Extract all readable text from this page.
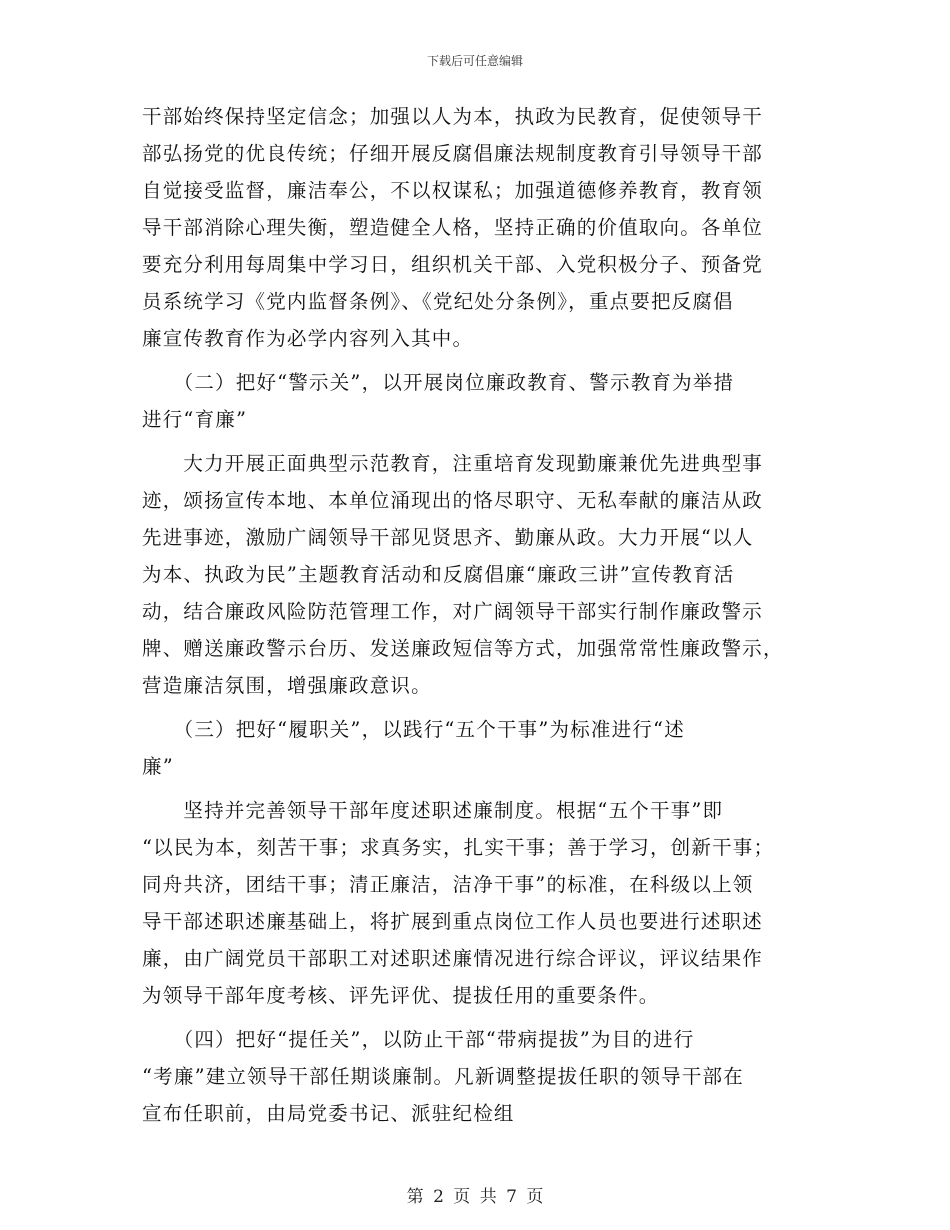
下载后可任意编辑
干部始终保持坚定信念；加强以人为本，执政为民教育，促使领导干
部弘扬党的优良传统；仔细开展反腐倡廉法规制度教育引导领导干部
自觉接受监督，廉洁奉公，不以权谋私；加强道德修养教育，教育领
导干部消除心理失衡，塑造健全人格，坚持正确的价值取向。各单位
要充分利用每周集中学习日，组织机关干部、入党积极分子、预备党
员系统学习《党内监督条例》、《党纪处分条例》，重点要把反腐倡
廉宣传教育作为必学内容列入其中。
　　（二）把好“警示关”，以开展岗位廉政教育、警示教育为举措
进行“育廉”
　　大力开展正面典型示范教育，注重培育发现勤廉兼优先进典型事
迹，颂扬宣传本地、本单位涌现出的恪尽职守、无私奉献的廉洁从政
先进事迹，激励广阔领导干部见贤思齐、勤廉从政。大力开展“以人
为本、执政为民”主题教育活动和反腐倡廉“廉政三讲”宣传教育活
动，结合廉政风险防范管理工作，对广阔领导干部实行制作廉政警示
牌、赠送廉政警示台历、发送廉政短信等方式，加强常常性廉政警示，
营造廉洁氛围，增强廉政意识。
　　（三）把好“履职关”，以践行“五个干事”为标准进行“述
廉”
　　坚持并完善领导干部年度述职述廉制度。根据“五个干事”即
“以民为本，刻苦干事；求真务实，扎实干事；善于学习，创新干事；
同舟共济，团结干事；清正廉洁，洁净干事”的标准，在科级以上领
导干部述职述廉基础上，将扩展到重点岗位工作人员也要进行述职述
廉，由广阔党员干部职工对述职述廉情况进行综合评议，评议结果作
为领导干部年度考核、评先评优、提拔任用的重要条件。
　　（四）把好“提任关”，以防止干部“带病提拔”为目的进行
“考廉”建立领导干部任期谈廉制。凡新调整提拔任职的领导干部在
宣布任职前，由局党委书记、派驻纪检组
第 2 页 共 7 页
